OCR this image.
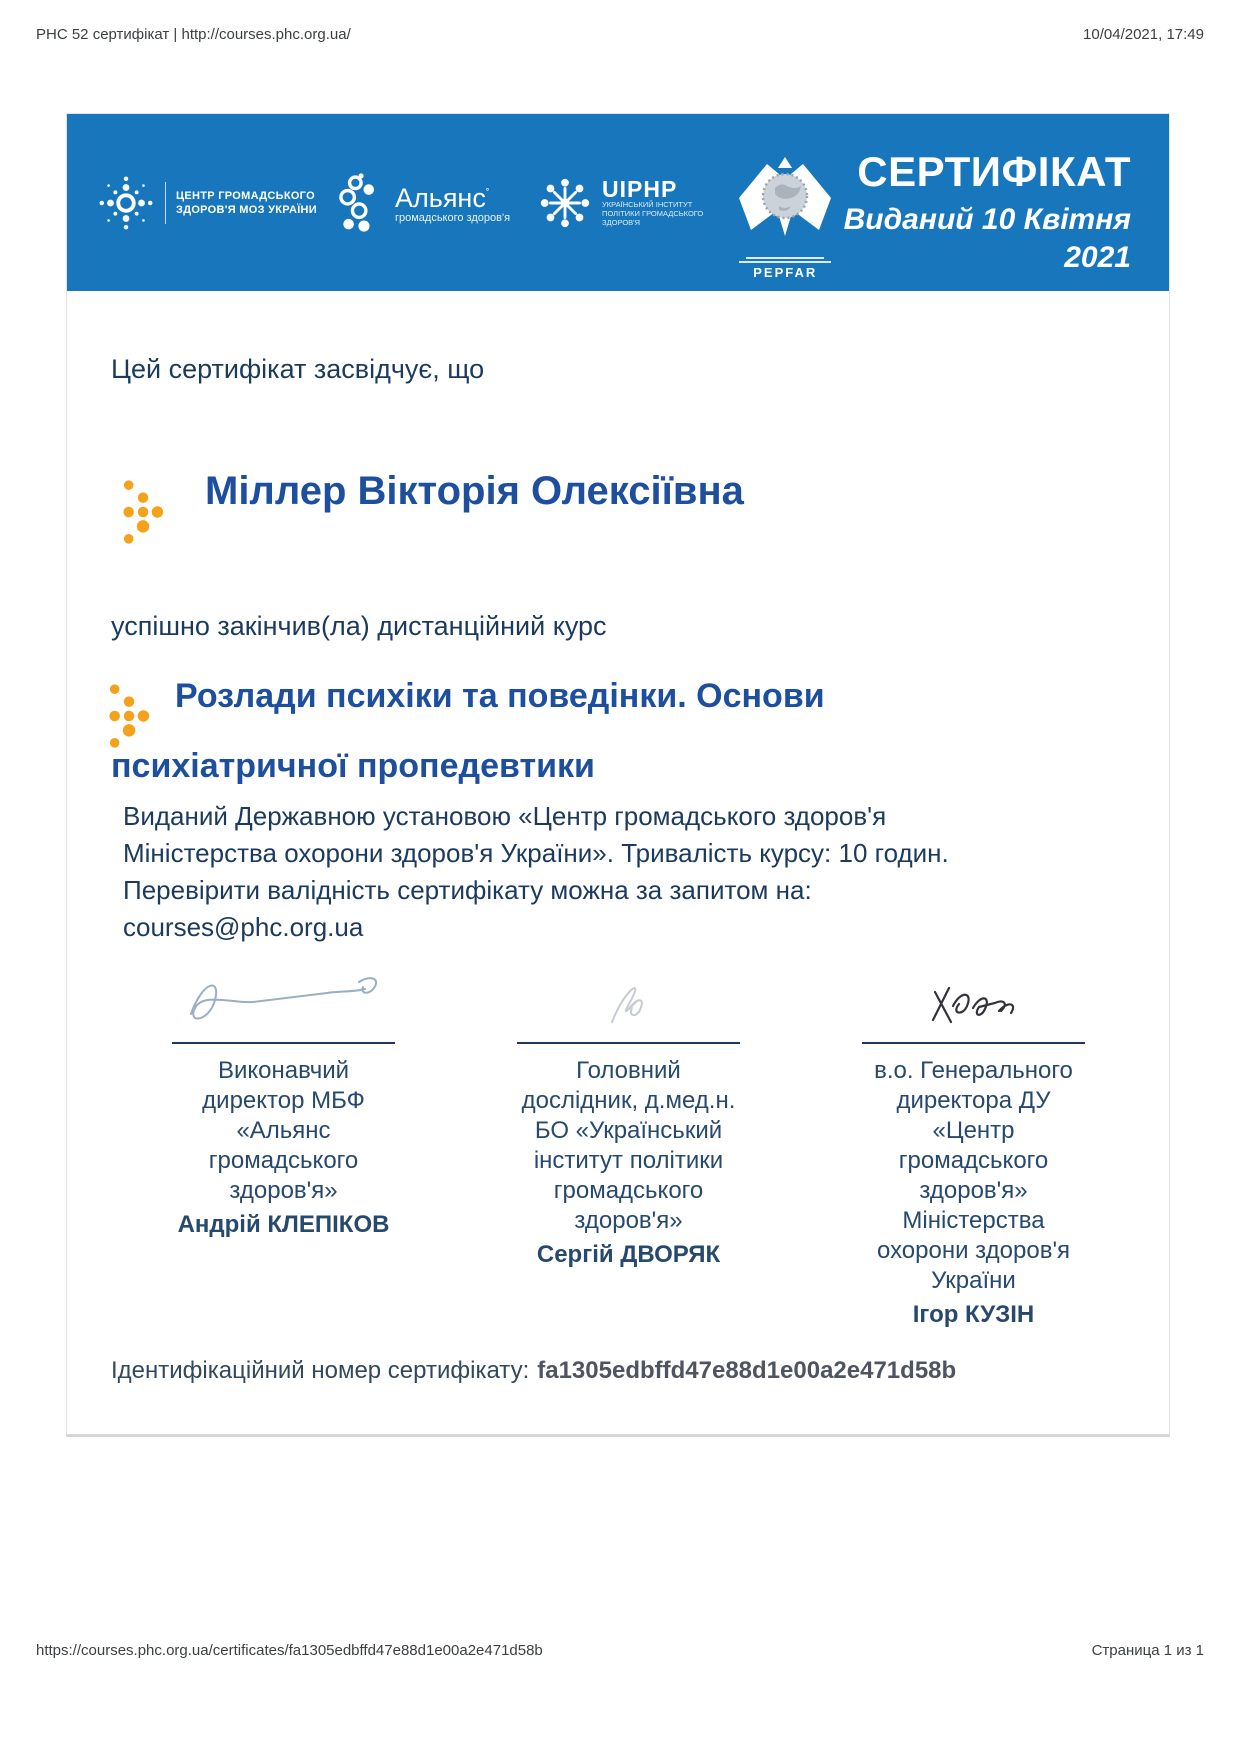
PHC 52 сертифікат | http://courses.phc.org.ua/	10/04/2021, 17:49
ЦЕНТР ГРОМАДСЬКОГО
ЗДОРОВ'Я МОЗ УКРАЇНИ	Альянс˚
громадського здоров'я
UIPHP
УКРАЇНСЬКИЙ ІНСТИТУТ
ПОЛІТИКИ ГРОМАДСЬКОГО
ЗДОРОВ'Я
PEPFAR
СЕРТИФІКАТ
Виданий 10 Квітня
2021
Цей сертифікат засвідчує, що
Міллер Вікторія Олексіївна
успішно закінчив(ла) дистанційний курс
Розлади психіки та поведінки. Основи
психіатричної пропедевтики
Виданий Державною установою «Центр громадського здоров'я
Міністерства охорони здоров'я України». Тривалість курсу: 10 годин.
Перевірити валідність сертифікату можна за запитом на:
courses@phc.org.ua
Виконавчий
директор МБФ
«Альянс
громадського
здоров'я»
Андрій КЛЕПІКОВ
Головний
дослідник, д.мед.н.
БО «Український
інститут політики
громадського
здоров'я»
Сергій ДВОРЯК
в.о. Генерального
директора ДУ
«Центр
громадського
здоров'я»
Міністерства
охорони здоров'я
України
Ігор КУЗІН
Ідентифікаційний номер сертифікату: fa1305edbffd47e88d1e00a2e471d58b
https://courses.phc.org.ua/certificates/fa1305edbffd47e88d1e00a2e471d58b	Страница 1 из 1
